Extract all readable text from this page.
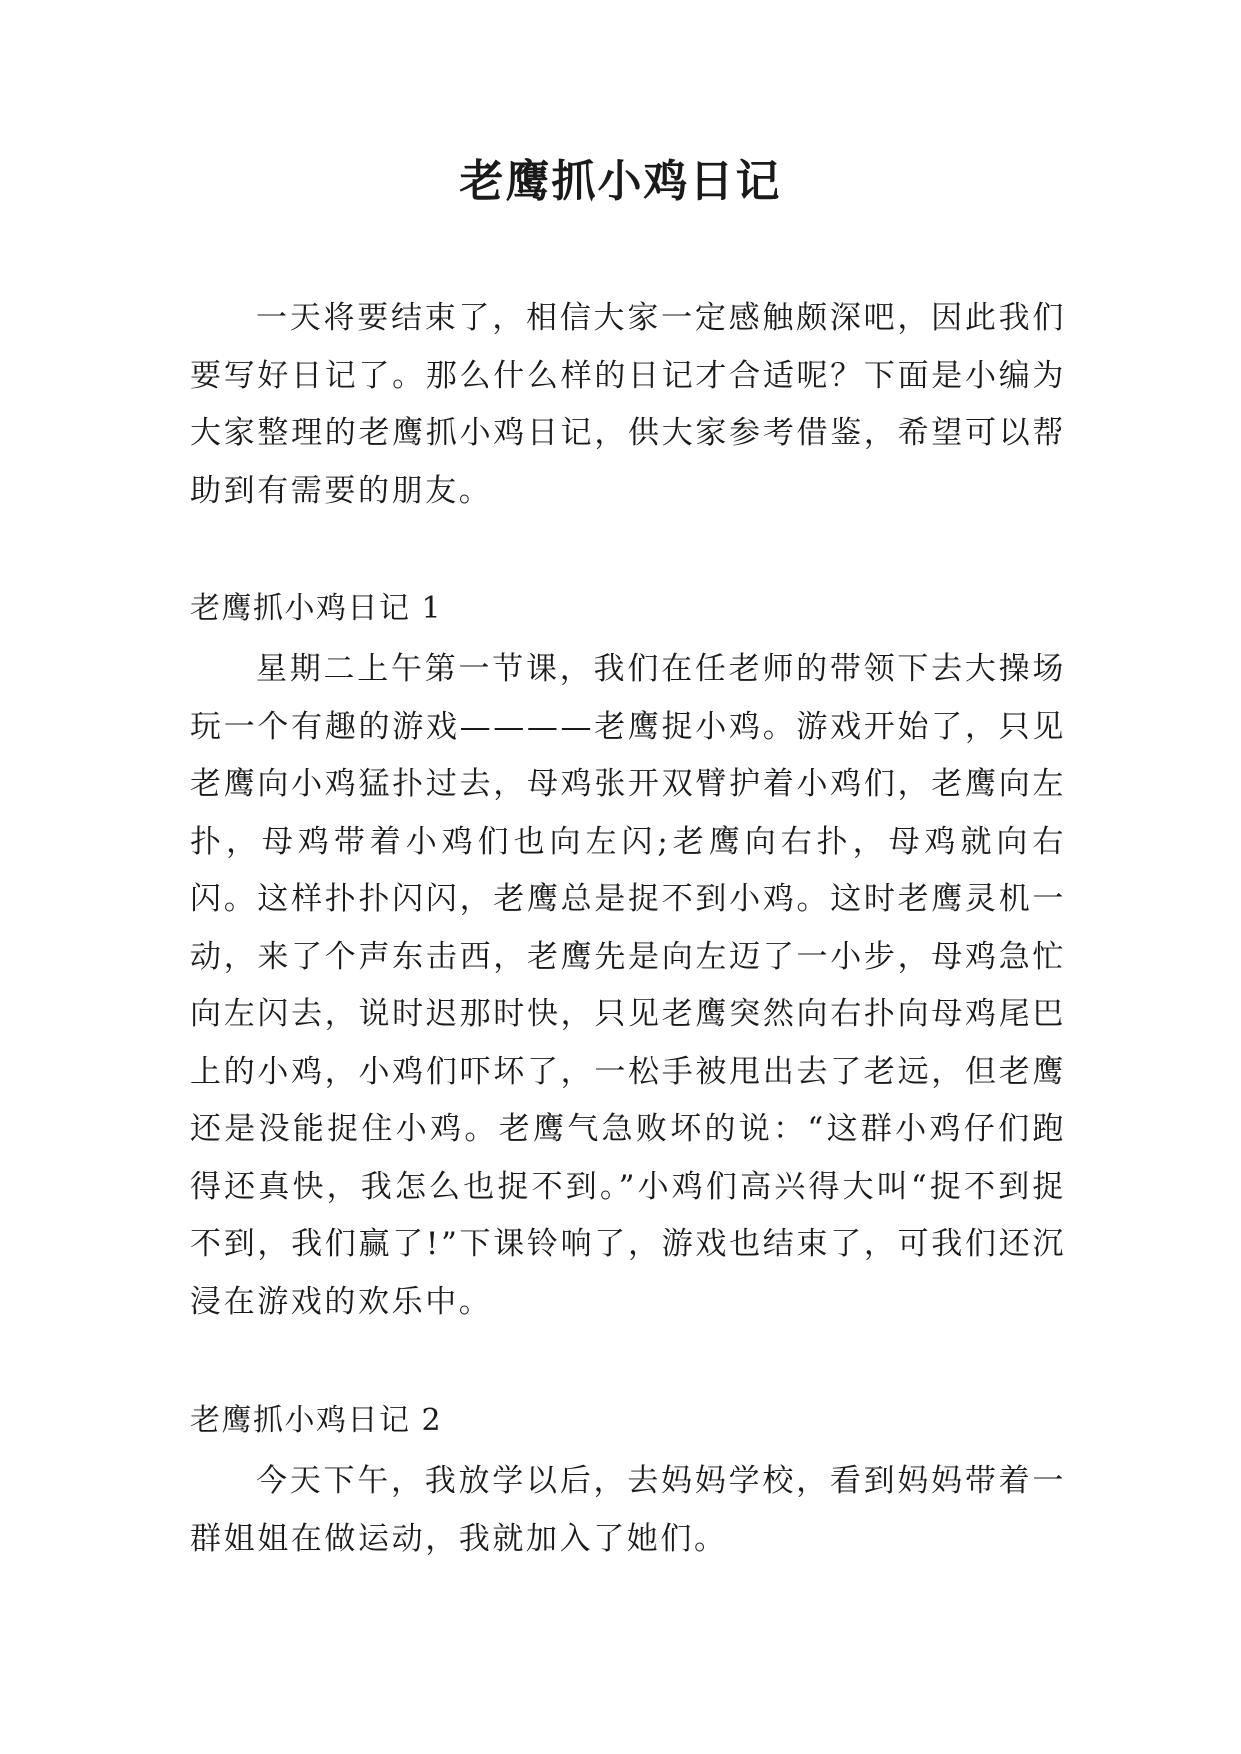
老鹰抓小鸡日记

一天将要结束了，相信大家一定感触颇深吧，因此我们要写好日记了。那么什么样的日记才合适呢？下面是小编为大家整理的老鹰抓小鸡日记，供大家参考借鉴，希望可以帮助到有需要的朋友。

老鹰抓小鸡日记 1

星期二上午第一节课，我们在任老师的带领下去大操场玩一个有趣的游戏————老鹰捉小鸡。游戏开始了，只见老鹰向小鸡猛扑过去，母鸡张开双臂护着小鸡们，老鹰向左扑，母鸡带着小鸡们也向左闪;老鹰向右扑，母鸡就向右闪。这样扑扑闪闪，老鹰总是捉不到小鸡。这时老鹰灵机一动，来了个声东击西，老鹰先是向左迈了一小步，母鸡急忙向左闪去，说时迟那时快，只见老鹰突然向右扑向母鸡尾巴上的小鸡，小鸡们吓坏了，一松手被甩出去了老远，但老鹰还是没能捉住小鸡。老鹰气急败坏的说：“这群小鸡仔们跑得还真快，我怎么也捉不到。”小鸡们高兴得大叫“捉不到捉不到，我们赢了!”下课铃响了，游戏也结束了，可我们还沉浸在游戏的欢乐中。

老鹰抓小鸡日记 2

今天下午，我放学以后，去妈妈学校，看到妈妈带着一群姐姐在做运动，我就加入了她们。
